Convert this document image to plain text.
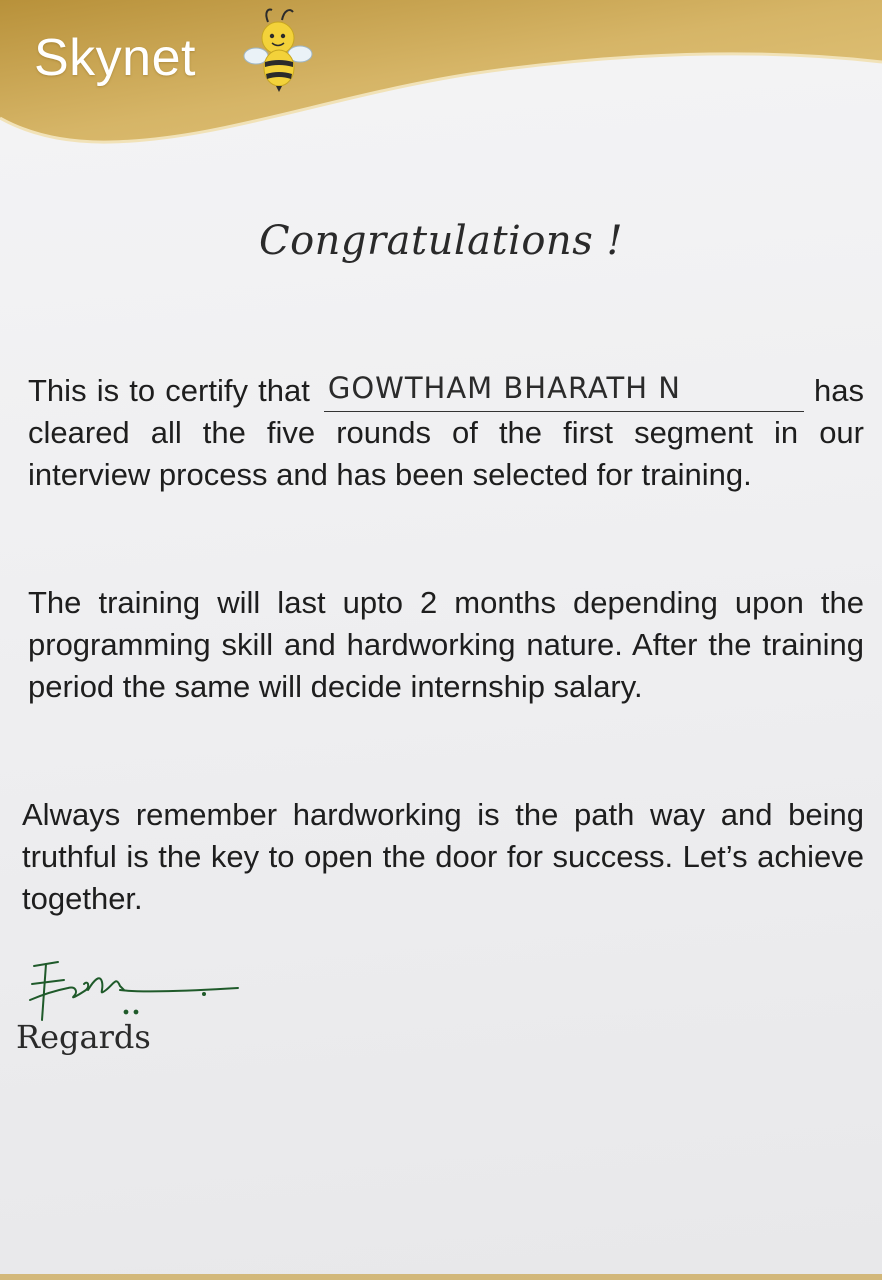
Skynet
Congratulations !

This is to certify that GOWTHAM BHARATH N	has cleared all the five rounds of the first segment in our interview process and has been selected for training.

The training will last upto 2 months depending upon the programming skill and hardworking nature. After the training period the same will decide internship salary.

Always remember hardworking is the path way and being truthful is the key to open the door for success. Let’s achieve together.

Regards
